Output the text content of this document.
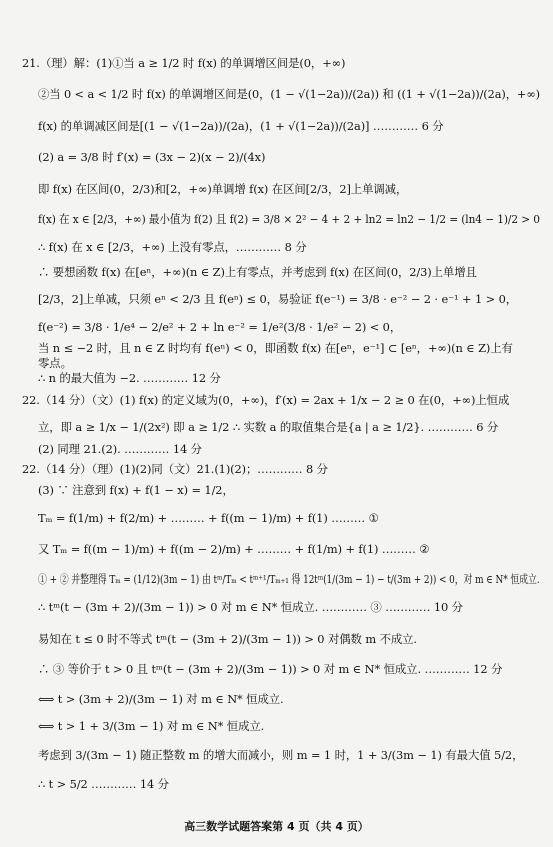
21.（理）解：(1)①当 a ≥ 1/2 时 f(x) 的单调增区间是(0，+∞)
②当 0 < a < 1/2 时 f(x) 的单调增区间是(0，(1 − √(1−2a))/(2a)) 和 ((1 + √(1−2a))/(2a)，+∞)
f(x) 的单调减区间是[(1 − √(1−2a))/(2a)，(1 + √(1−2a))/(2a)] ………… 6 分
(2) a = 3/8 时 f′(x) = (3x − 2)(x − 2)/(4x)
即 f(x) 在区间(0，2/3)和[2，+∞)单调增 f(x) 在区间[2/3，2]上单调减，
f(x) 在 x ∈ [2/3，+∞) 最小值为 f(2) 且 f(2) = 3/8 × 2² − 4 + 2 + ln2 = ln2 − 1/2 = (ln4 − 1)/2 > 0
∴ f(x) 在 x ∈ [2/3，+∞) 上没有零点，………… 8 分
∴ 要想函数 f(x) 在[eⁿ，+∞)(n ∈ Z)上有零点，并考虑到 f(x) 在区间(0，2/3)上单增且
[2/3，2]上单减，只须 eⁿ < 2/3 且 f(eⁿ) ≤ 0，易验证 f(e⁻¹) = 3/8 · e⁻² − 2 · e⁻¹ + 1 > 0，
f(e⁻²) = 3/8 · 1/e⁴ − 2/e² + 2 + ln e⁻² = 1/e²(3/8 · 1/e² − 2) < 0，
当 n ≤ −2 时，且 n ∈ Z 时均有 f(eⁿ) < 0，即函数 f(x) 在[eⁿ，e⁻¹] ⊂ [eⁿ，+∞)(n ∈ Z)上有
零点。
∴ n 的最大值为 −2. ………… 12 分
22.（14 分）（文）(1) f(x) 的定义域为(0，+∞)，f′(x) = 2ax + 1/x − 2 ≥ 0 在(0，+∞)上恒成
立，即 a ≥ 1/x − 1/(2x²) 即 a ≥ 1/2 ∴ 实数 a 的取值集合是{a | a ≥ 1/2}. ………… 6 分
(2) 同理 21.(2). ………… 14 分
22.（14 分）（理）(1)(2)同（文）21.(1)(2)；………… 8 分
(3) ∵ 注意到 f(x) + f(1 − x) = 1/2，
Tₘ = f(1/m) + f(2/m) + ……… + f((m − 1)/m) + f(1) ……… ①
又 Tₘ = f((m − 1)/m) + f((m − 2)/m) + ……… + f(1/m) + f(1) ……… ②
① + ② 并整理得 Tₘ = (1/12)(3m − 1) 由 tᵐ/Tₘ < tᵐ⁺¹/Tₘ₊₁ 得 12tᵐ(1/(3m − 1) − t/(3m + 2)) < 0，对 m ∈ N* 恒成立.
∴ tᵐ(t − (3m + 2)/(3m − 1)) > 0 对 m ∈ N* 恒成立. ………… ③ ………… 10 分
易知在 t ≤ 0 时不等式 tᵐ(t − (3m + 2)/(3m − 1)) > 0 对偶数 m 不成立.
∴ ③ 等价于 t > 0 且 tᵐ(t − (3m + 2)/(3m − 1)) > 0 对 m ∈ N* 恒成立. ………… 12 分
⟺ t > (3m + 2)/(3m − 1) 对 m ∈ N* 恒成立.
⟺ t > 1 + 3/(3m − 1) 对 m ∈ N* 恒成立.
考虑到 3/(3m − 1) 随正整数 m 的增大而减小，则 m = 1 时，1 + 3/(3m − 1) 有最大值 5/2，
∴ t > 5/2 ………… 14 分
高三数学试题答案第 4 页（共 4 页）
